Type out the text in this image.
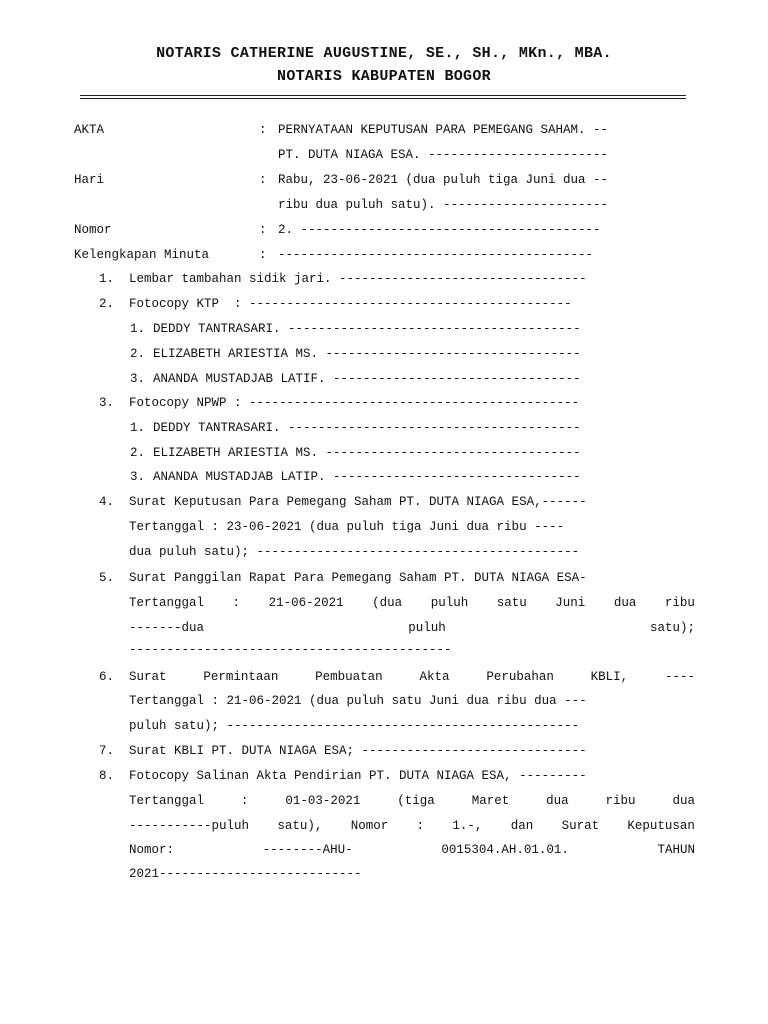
NOTARIS CATHERINE AUGUSTINE, SE., SH., MKn., MBA.
NOTARIS KABUPATEN BOGOR
AKTA	: PERNYATAAN KEPUTUSAN PARA PEMEGANG SAHAM. --
PT. DUTA NIAGA ESA. ------------------------
Hari	: Rabu, 23-06-2021 (dua puluh tiga Juni dua --
ribu dua puluh satu). ----------------------
Nomor	: 2. ----------------------------------------
Kelengkapan Minuta	: ------------------------------------------
1. Lembar tambahan sidik jari. ---------------------------------
2. Fotocopy KTP  : -------------------------------------------
1. DEDDY TANTRASARI. ---------------------------------------
2. ELIZABETH ARIESTIA MS. ----------------------------------
3. ANANDA MUSTADJAB LATIF. ---------------------------------
3. Fotocopy NPWP : --------------------------------------------
1. DEDDY TANTRASARI. ---------------------------------------
2. ELIZABETH ARIESTIA MS. ----------------------------------
3. ANANDA MUSTADJAB LATIP. ---------------------------------
4. Surat Keputusan Para Pemegang Saham PT. DUTA NIAGA ESA,------
Tertanggal : 23-06-2021 (dua puluh tiga Juni dua ribu ----
dua puluh satu); -------------------------------------------
5. Surat Panggilan Rapat Para Pemegang Saham PT. DUTA NIAGA ESA-
Tertanggal : 21-06-2021 (dua puluh satu Juni dua ribu
-------dua	puluh	satu);
-------------------------------------------
6. Surat	Permintaan	Pembuatan	Akta	Perubahan	KBLI,	----
Tertanggal : 21-06-2021 (dua puluh satu Juni dua ribu dua ---
puluh satu); -----------------------------------------------
7. Surat KBLI PT. DUTA NIAGA ESA; ------------------------------
8. Fotocopy Salinan Akta Pendirian PT. DUTA NIAGA ESA, ---------
Tertanggal	:	01-03-2021	(tiga	Maret	dua	ribu	dua
-----------puluh satu), Nomor : 1.-, dan Surat Keputusan
Nomor:	--------AHU-	0015304.AH.01.01.	TAHUN
2021---------------------------
